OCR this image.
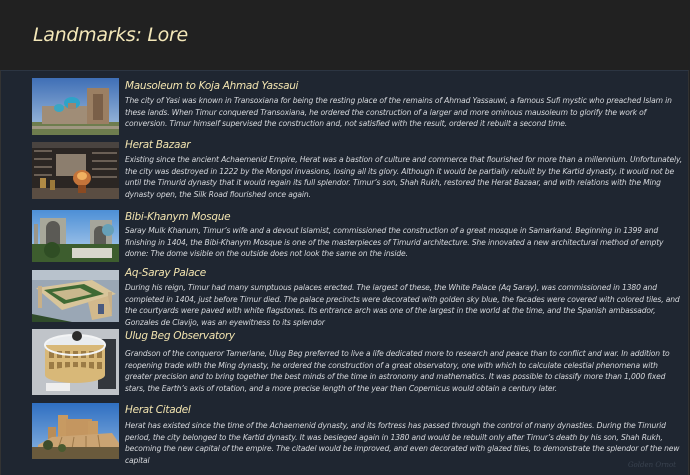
Landmarks: Lore
Mausoleum to Koja Ahmad Yassaui
The city of Yasi was known in Transoxiana for being the resting place of the remains of Ahmad Yassauwi, a famous Sufi mystic who preached Islam in these lands. When Timur conquered Transoxiana, he ordered the construction of a larger and more ominous mausoleum to glorify the work of conversion. Timur himself supervised the construction and, not satisfied with the result, ordered it rebuilt a second time.
Herat Bazaar
Existing since the ancient Achaemenid Empire, Herat was a bastion of culture and commerce that flourished for more than a millennium. Unfortunately, the city was destroyed in 1222 by the Mongol invasions, losing all its glory. Although it would be partially rebuilt by the Kartid dynasty, it would not be until the Timurid dynasty that it would regain its full splendor. Timur’s son, Shah Rukh, restored the Herat Bazaar, and with relations with the Ming dynasty open, the Silk Road flourished once again.
Bibi-Khanym Mosque
Saray Mulk Khanum, Timur’s wife and a devout Islamist, commissioned the construction of a great mosque in Samarkand. Beginning in 1399 and finishing in 1404, the Bibi-Khanym Mosque is one of the masterpieces of Timurid architecture. She innovated a new architectural method of empty dome: The dome visible on the outside does not look the same on the inside.
Aq-Saray Palace
During his reign, Timur had many sumptuous palaces erected. The largest of these, the White Palace (Aq Saray), was commissioned in 1380 and completed in 1404, just before Timur died. The palace precincts were decorated with golden sky blue, the facades were covered with colored tiles, and the courtyards were paved with white flagstones. Its entrance arch was one of the largest in the world at the time, and the Spanish ambassador, Gonzales de Clavijo, was an eyewitness to its splendor
Ulug Beg Observatory
Grandson of the conqueror Tamerlane, Ulug Beg preferred to live a life dedicated more to research and peace than to conflict and war. In addition to reopening trade with the Ming dynasty, he ordered the construction of a great observatory, one with which to calculate celestial phenomena with greater precision and to bring together the best minds of the time in astronomy and mathematics. It was possible to classify more than 1,000 fixed stars, the Earth’s axis of rotation, and a more precise length of the year than Copernicus would obtain a century later.
Herat Citadel
Herat has existed since the time of the Achaemenid dynasty, and its fortress has passed through the control of many dynasties. During the Timurid period, the city belonged to the Kartid dynasty. It was besieged again in 1380 and would be rebuilt only after Timur’s death by his son, Shah Rukh, becoming the new capital of the empire. The citadel would be improved, and even decorated with glazed tiles, to demonstrate the splendor of the new capital
Golden Ornot
